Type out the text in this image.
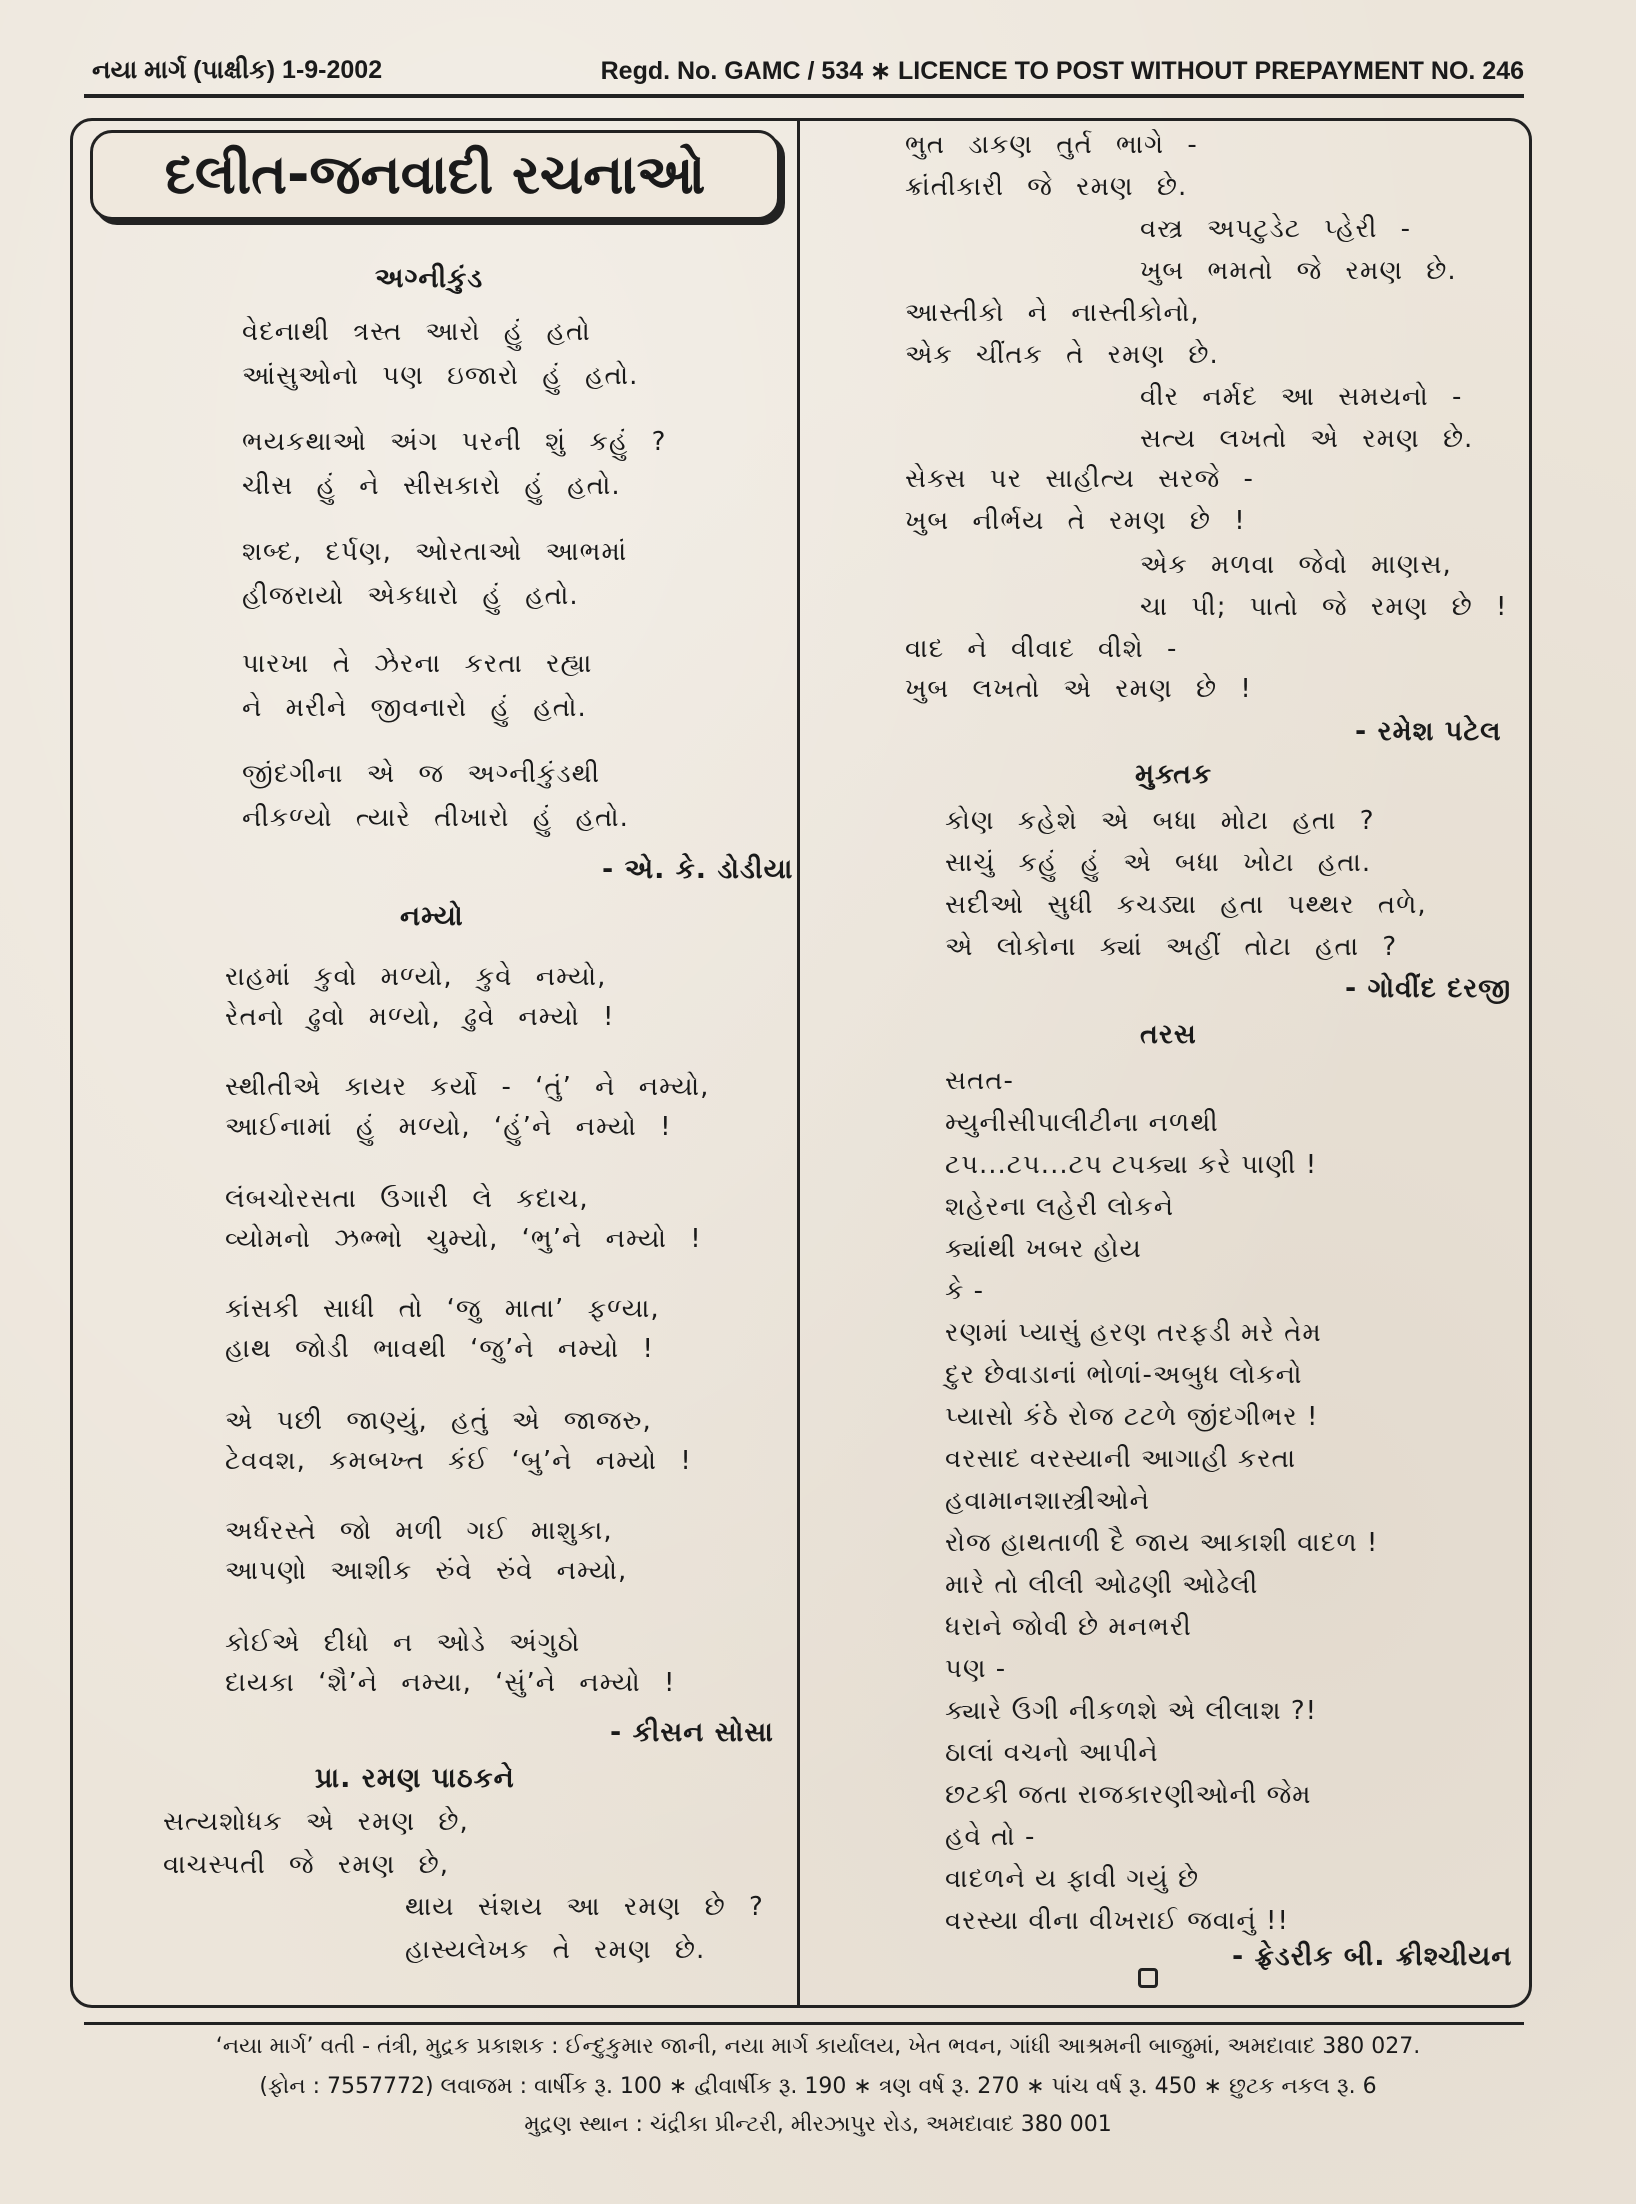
નયા માર્ગ (પાક્ષીક) 1-9-2002	Regd. No. GAMC / 534 ∗ LICENCE TO POST WITHOUT PREPAYMENT NO. 246
દલીત-જનવાદી રચનાઓ
અગ્નીકુંડ
વેદનાથી ત્રસ્ત આરો હું હતો
આંસુઓનો પણ ઇજારો હું હતો.
ભયકથાઓ અંગ પરની શું કહું ?
ચીસ હું ને સીસકારો હું હતો.
શબ્દ, દર્પણ, ઓરતાઓ આભમાં
હીજરાયો એકધારો હું હતો.
પારખા તે ઝેરના કરતા રહ્યા
ને મરીને જીવનારો હું હતો.
જીંદગીના એ જ અગ્નીકુંડથી
નીકળ્યો ત્યારે તીખારો હું હતો.
- એ. કે. ડોડીયા
નમ્યો
રાહમાં કુવો મળ્યો, કુવે નમ્યો,
રેતનો ઢુવો મળ્યો, ઢુવે નમ્યો !
સ્થીતીએ કાયર કર્યો - ‘તું’ ને નમ્યો,
આઈનામાં હું મળ્યો, ‘હું’ને નમ્યો !
લંબચોરસતા ઉગારી લે કદાચ,
વ્યોમનો ઝભ્ભો ચુમ્યો, ‘ભુ’ને નમ્યો !
કાંસકી સાધી તો ‘જુ માતા’ ફળ્યા,
હાથ જોડી ભાવથી ‘જુ’ને નમ્યો !
એ પછી જાણ્યું, હતું એ જાજરુ,
ટેવવશ, કમબખ્ત કંઈ ‘બુ’ને નમ્યો !
અર્ધરસ્તે જો મળી ગઈ માશુકા,
આપણો આશીક રુંવે રુંવે નમ્યો,
કોઈએ દીધો ન ઓડે અંગુઠો
દાયકા ‘શૈ’ને નમ્યા, ‘સું’ને નમ્યો !
- કીસન સોસા
પ્રા. રમણ પાઠકને
સત્યશોધક એ રમણ છે,
વાચસ્પતી જે રમણ છે,
થાય સંશય આ રમણ છે ?
હાસ્યલેખક તે રમણ છે.
ભુત ડાકણ તુર્ત ભાગે -
ક્રાંતીકારી જે રમણ છે.
વસ્ત્ર અપટુડેટ પ્હેરી -
ખુબ ભમતો જે રમણ છે.
આસ્તીકો ને નાસ્તીકોનો,
એક ચીંતક તે રમણ છે.
વીર નર્મદ આ સમયનો -
સત્ય લખતો એ રમણ છે.
સેક્સ પર સાહીત્ય સરજે -
ખુબ નીર્ભય તે રમણ છે !
એક મળવા જેવો માણસ,
ચા પી; પાતો જે રમણ છે !
વાદ ને વીવાદ વીશે -
ખુબ લખતો એ રમણ છે !
- રમેશ પટેલ
મુક્તક
કોણ કહેશે એ બધા મોટા હતા ?
સાચું કહું હું એ બધા ખોટા હતા.
સદીઓ સુધી કચડ્યા હતા પથ્થર તળે,
એ લોકોના ક્યાં અહીં તોટા હતા ?
- ગોવીંદ દરજી
તરસ
સતત-
મ્યુનીસીપાલીટીના નળથી
ટપ...ટપ...ટપ ટપક્યા કરે પાણી !
શહેરના લહેરી લોકને
ક્યાંથી ખબર હોય
કે -
રણમાં પ્યાસું હરણ તરફડી મરે તેમ
દુર છેવાડાનાં ભોળાં-અબુધ લોકનો
પ્યાસો કંઠે રોજ ટટળે જીંદગીભર !
વરસાદ વરસ્યાની આગાહી કરતા
હવામાનશાસ્ત્રીઓને
રોજ હાથતાળી દૈ જાય આકાશી વાદળ !
મારે તો લીલી ઓઢણી ઓઢેલી
ધરાને જોવી છે મનભરી
પણ -
ક્યારે ઉગી નીકળશે એ લીલાશ ?!
ઠાલાં વચનો આપીને
છટકી જતા રાજકારણીઓની જેમ
હવે તો -
વાદળને ય ફાવી ગયું છે
વરસ્યા વીના વીખરાઈ જવાનું !!
- ફ્રેડરીક બી. ક્રીશ્ચીયન
‘નયા માર્ગ’ વતી - તંત્રી, મુદ્રક પ્રકાશક : ઈન્દુકુમાર જાની, નયા માર્ગ કાર્યાલય, ખેત ભવન, ગાંધી આશ્રમની બાજુમાં, અમદાવાદ 380 027.
(ફોન : 7557772) લવાજમ : વાર્ષીક રૂ. 100 ∗ દ્વીવાર્ષીક રૂ. 190 ∗ ત્રણ વર્ષ રૂ. 270 ∗ પાંચ વર્ષ રૂ. 450 ∗ છુટક નકલ રૂ. 6
મુદ્રણ સ્થાન : ચંદ્રીકા પ્રીન્ટરી, મીરઝાપુર રોડ, અમદાવાદ 380 001
